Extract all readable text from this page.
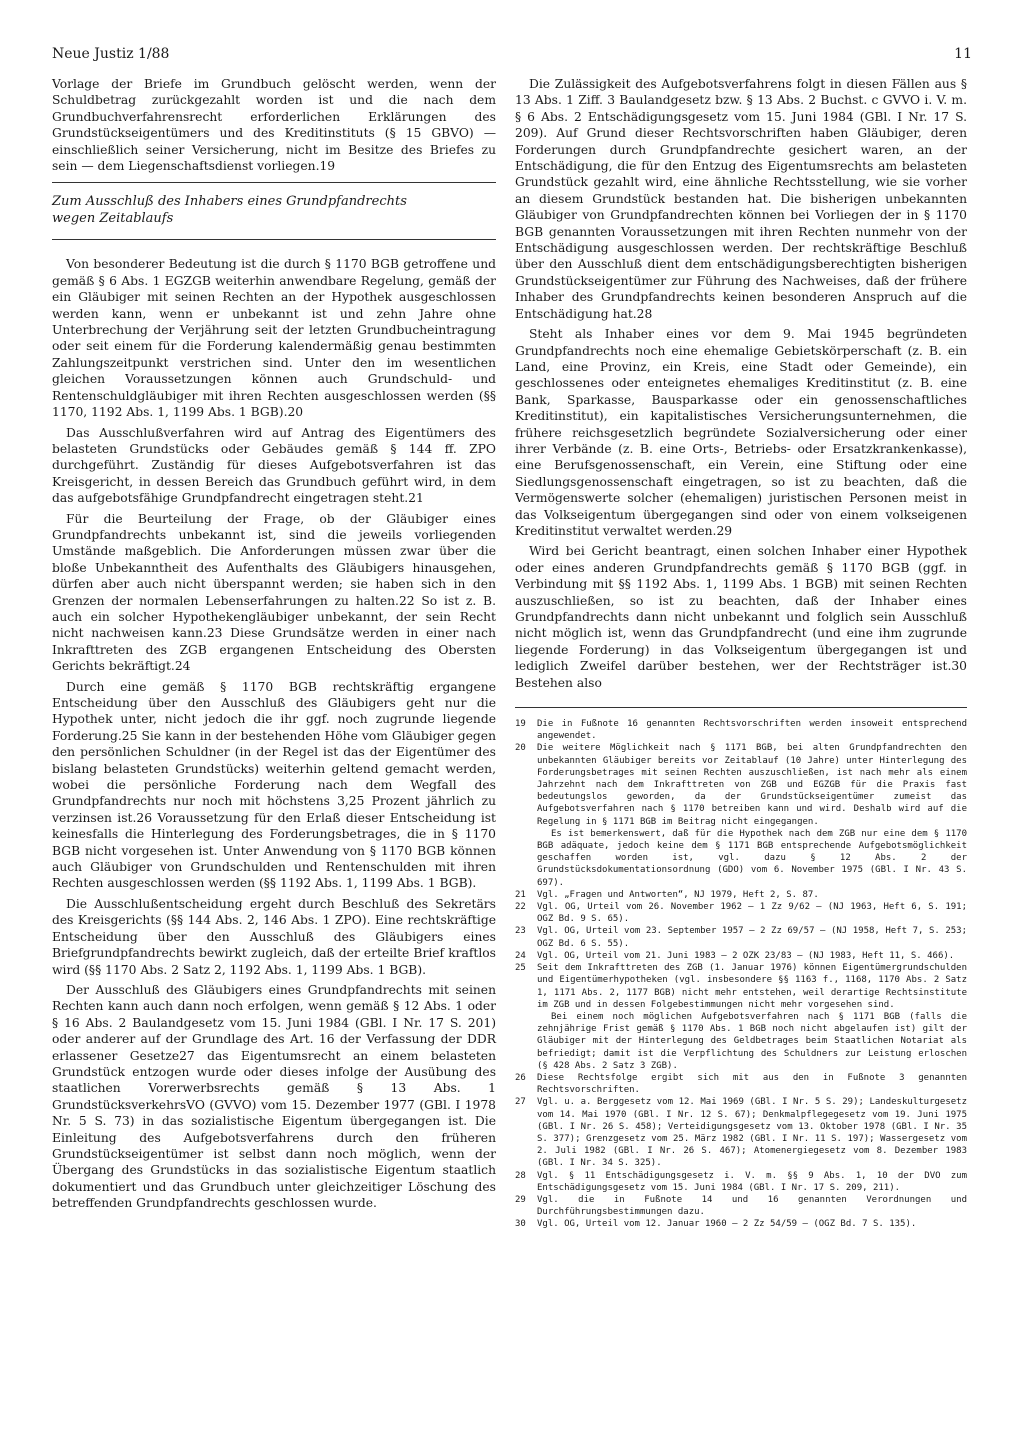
Neue Justiz 1/88	11

Vorlage der Briefe im Grundbuch gelöscht werden, wenn der Schuldbetrag zurückgezahlt worden ist und die nach dem Grundbuchverfahrensrecht erforderlichen Erklärungen des Grundstückseigentümers und des Kreditinstituts (§ 15 GBVO) — einschließlich seiner Versicherung, nicht im Besitze des Briefes zu sein — dem Liegenschaftsdienst vorliegen.19

Zum Ausschluß des Inhabers eines Grundpfandrechts
wegen Zeitablaufs

Von besonderer Bedeutung ist die durch § 1170 BGB getroffene und gemäß § 6 Abs. 1 EGZGB weiterhin anwendbare Regelung, gemäß der ein Gläubiger mit seinen Rechten an der Hypothek ausgeschlossen werden kann, wenn er unbekannt ist und zehn Jahre ohne Unterbrechung der Verjährung seit der letzten Grundbucheintragung oder seit einem für die Forderung kalendermäßig genau bestimmten Zahlungszeitpunkt verstrichen sind. Unter den im wesentlichen gleichen Voraussetzungen können auch Grundschuld- und Rentenschuldgläubiger mit ihren Rechten ausgeschlossen werden (§§ 1170, 1192 Abs. 1, 1199 Abs. 1 BGB).20

Das Ausschlußverfahren wird auf Antrag des Eigentümers des belasteten Grundstücks oder Gebäudes gemäß § 144 ff. ZPO durchgeführt. Zuständig für dieses Aufgebotsverfahren ist das Kreisgericht, in dessen Bereich das Grundbuch geführt wird, in dem das aufgebotsfähige Grundpfandrecht eingetragen steht.21

Für die Beurteilung der Frage, ob der Gläubiger eines Grundpfandrechts unbekannt ist, sind die jeweils vorliegenden Umstände maßgeblich. Die Anforderungen müssen zwar über die bloße Unbekanntheit des Aufenthalts des Gläubigers hinausgehen, dürfen aber auch nicht überspannt werden; sie haben sich in den Grenzen der normalen Lebenserfahrungen zu halten.22 So ist z. B. auch ein solcher Hypothekengläubiger unbekannt, der sein Recht nicht nachweisen kann.23 Diese Grundsätze werden in einer nach Inkrafttreten des ZGB ergangenen Entscheidung des Obersten Gerichts bekräftigt.24

Durch eine gemäß § 1170 BGB rechtskräftig ergangene Entscheidung über den Ausschluß des Gläubigers geht nur die Hypothek unter, nicht jedoch die ihr ggf. noch zugrunde liegende Forderung.25 Sie kann in der bestehenden Höhe vom Gläubiger gegen den persönlichen Schuldner (in der Regel ist das der Eigentümer des bislang belasteten Grundstücks) weiterhin geltend gemacht werden, wobei die persönliche Forderung nach dem Wegfall des Grundpfandrechts nur noch mit höchstens 3,25 Prozent jährlich zu verzinsen ist.26 Voraussetzung für den Erlaß dieser Entscheidung ist keinesfalls die Hinterlegung des Forderungsbetrages, die in § 1170 BGB nicht vorgesehen ist. Unter Anwendung von § 1170 BGB können auch Gläubiger von Grundschulden und Rentenschulden mit ihren Rechten ausgeschlossen werden (§§ 1192 Abs. 1, 1199 Abs. 1 BGB).

Die Ausschlußentscheidung ergeht durch Beschluß des Sekretärs des Kreisgerichts (§§ 144 Abs. 2, 146 Abs. 1 ZPO). Eine rechtskräftige Entscheidung über den Ausschluß des Gläubigers eines Briefgrundpfandrechts bewirkt zugleich, daß der erteilte Brief kraftlos wird (§§ 1170 Abs. 2 Satz 2, 1192 Abs. 1, 1199 Abs. 1 BGB).

Der Ausschluß des Gläubigers eines Grundpfandrechts mit seinen Rechten kann auch dann noch erfolgen, wenn gemäß § 12 Abs. 1 oder § 16 Abs. 2 Baulandgesetz vom 15. Juni 1984 (GBl. I Nr. 17 S. 201) oder anderer auf der Grundlage des Art. 16 der Verfassung der DDR erlassener Gesetze27 das Eigentumsrecht an einem belasteten Grundstück entzogen wurde oder dieses infolge der Ausübung des staatlichen Vorerwerbsrechts gemäß § 13 Abs. 1 GrundstücksverkehrsVO (GVVO) vom 15. Dezember 1977 (GBl. I 1978 Nr. 5 S. 73) in das sozialistische Eigentum übergegangen ist. Die Einleitung des Aufgebotsverfahrens durch den früheren Grundstückseigentümer ist selbst dann noch möglich, wenn der Übergang des Grundstücks in das sozialistische Eigentum staatlich dokumentiert und das Grundbuch unter gleichzeitiger Löschung des betreffenden Grundpfandrechts geschlossen wurde.

Die Zulässigkeit des Aufgebotsverfahrens folgt in diesen Fällen aus § 13 Abs. 1 Ziff. 3 Baulandgesetz bzw. § 13 Abs. 2 Buchst. c GVVO i. V. m. § 6 Abs. 2 Entschädigungsgesetz vom 15. Juni 1984 (GBl. I Nr. 17 S. 209). Auf Grund dieser Rechtsvorschriften haben Gläubiger, deren Forderungen durch Grundpfandrechte gesichert waren, an der Entschädigung, die für den Entzug des Eigentumsrechts am belasteten Grundstück gezahlt wird, eine ähnliche Rechtsstellung, wie sie vorher an diesem Grundstück bestanden hat. Die bisherigen unbekannten Gläubiger von Grundpfandrechten können bei Vorliegen der in § 1170 BGB genannten Voraussetzungen mit ihren Rechten nunmehr von der Entschädigung ausgeschlossen werden. Der rechtskräftige Beschluß über den Ausschluß dient dem entschädigungsberechtigten bisherigen Grundstückseigentümer zur Führung des Nachweises, daß der frühere Inhaber des Grundpfandrechts keinen besonderen Anspruch auf die Entschädigung hat.28

Steht als Inhaber eines vor dem 9. Mai 1945 begründeten Grundpfandrechts noch eine ehemalige Gebietskörperschaft (z. B. ein Land, eine Provinz, ein Kreis, eine Stadt oder Gemeinde), ein geschlossenes oder enteignetes ehemaliges Kreditinstitut (z. B. eine Bank, Sparkasse, Bausparkasse oder ein genossenschaftliches Kreditinstitut), ein kapitalistisches Versicherungsunternehmen, die frühere reichsgesetzlich begründete Sozialversicherung oder einer ihrer Verbände (z. B. eine Orts-, Betriebs- oder Ersatzkrankenkasse), eine Berufsgenossenschaft, ein Verein, eine Stiftung oder eine Siedlungsgenossenschaft eingetragen, so ist zu beachten, daß die Vermögenswerte solcher (ehemaligen) juristischen Personen meist in das Volkseigentum übergegangen sind oder von einem volkseigenen Kreditinstitut verwaltet werden.29

Wird bei Gericht beantragt, einen solchen Inhaber einer Hypothek oder eines anderen Grundpfandrechts gemäß § 1170 BGB (ggf. in Verbindung mit §§ 1192 Abs. 1, 1199 Abs. 1 BGB) mit seinen Rechten auszuschließen, so ist zu beachten, daß der Inhaber eines Grundpfandrechts dann nicht unbekannt und folglich sein Ausschluß nicht möglich ist, wenn das Grundpfandrecht (und eine ihm zugrunde liegende Forderung) in das Volkseigentum übergegangen ist und lediglich Zweifel darüber bestehen, wer der Rechtsträger ist.30 Bestehen also

19	Die in Fußnote 16 genannten Rechtsvorschriften werden insoweit entsprechend angewendet.
20	Die weitere Möglichkeit nach § 1171 BGB, bei alten Grundpfandrechten den unbekannten Gläubiger bereits vor Zeitablauf (10 Jahre) unter Hinterlegung des Forderungsbetrages mit seinen Rechten auszuschließen, ist nach mehr als einem Jahrzehnt nach dem Inkrafttreten von ZGB und EGZGB für die Praxis fast bedeutungslos geworden, da der Grundstückseigentümer zumeist das Aufgebotsverfahren nach § 1170 betreiben kann und wird. Deshalb wird auf die Regelung in § 1171 BGB im Beitrag nicht eingegangen.
Es ist bemerkenswert, daß für die Hypothek nach dem ZGB nur eine dem § 1170 BGB adäquate, jedoch keine dem § 1171 BGB entsprechende Aufgebotsmöglichkeit geschaffen worden ist, vgl. dazu § 12 Abs. 2 der Grundstücksdokumentationsordnung (GDO) vom 6. November 1975 (GBl. I Nr. 43 S. 697).
21	Vgl. „Fragen und Antworten“, NJ 1979, Heft 2, S. 87.
22	Vgl. OG, Urteil vom 26. November 1962 — 1 Zz 9/62 — (NJ 1963, Heft 6, S. 191; OGZ Bd. 9 S. 65).
23	Vgl. OG, Urteil vom 23. September 1957 — 2 Zz 69/57 — (NJ 1958, Heft 7, S. 253; OGZ Bd. 6 S. 55).
24	Vgl. OG, Urteil vom 21. Juni 1983 — 2 OZK 23/83 — (NJ 1983, Heft 11, S. 466).
25	Seit dem Inkrafttreten des ZGB (1. Januar 1976) können Eigentümergrundschulden und Eigentümerhypotheken (vgl. insbesondere §§ 1163 f., 1168, 1170 Abs. 2 Satz 1, 1171 Abs. 2, 1177 BGB) nicht mehr entstehen, weil derartige Rechtsinstitute im ZGB und in dessen Folgebestimmungen nicht mehr vorgesehen sind.
Bei einem noch möglichen Aufgebotsverfahren nach § 1171 BGB (falls die zehnjährige Frist gemäß § 1170 Abs. 1 BGB noch nicht abgelaufen ist) gilt der Gläubiger mit der Hinterlegung des Geldbetrages beim Staatlichen Notariat als befriedigt; damit ist die Verpflichtung des Schuldners zur Leistung erloschen (§ 428 Abs. 2 Satz 3 ZGB).
26	Diese Rechtsfolge ergibt sich mit aus den in Fußnote 3 genannten Rechtsvorschriften.
27	Vgl. u. a. Berggesetz vom 12. Mai 1969 (GBl. I Nr. 5 S. 29); Landeskulturgesetz vom 14. Mai 1970 (GBl. I Nr. 12 S. 67); Denkmalpflegegesetz vom 19. Juni 1975 (GBl. I Nr. 26 S. 458); Verteidigungsgesetz vom 13. Oktober 1978 (GBl. I Nr. 35 S. 377); Grenzgesetz vom 25. März 1982 (GBl. I Nr. 11 S. 197); Wassergesetz vom 2. Juli 1982 (GBl. I Nr. 26 S. 467); Atomenergiegesetz vom 8. Dezember 1983 (GBl. I Nr. 34 S. 325).
28	Vgl. § 11 Entschädigungsgesetz i. V. m. §§ 9 Abs. 1, 10 der DVO zum Entschädigungsgesetz vom 15. Juni 1984 (GBl. I Nr. 17 S. 209, 211).
29	Vgl. die in Fußnote 14 und 16 genannten Verordnungen und Durchführungsbestimmungen dazu.
30	Vgl. OG, Urteil vom 12. Januar 1960 — 2 Zz 54/59 — (OGZ Bd. 7 S. 135).
